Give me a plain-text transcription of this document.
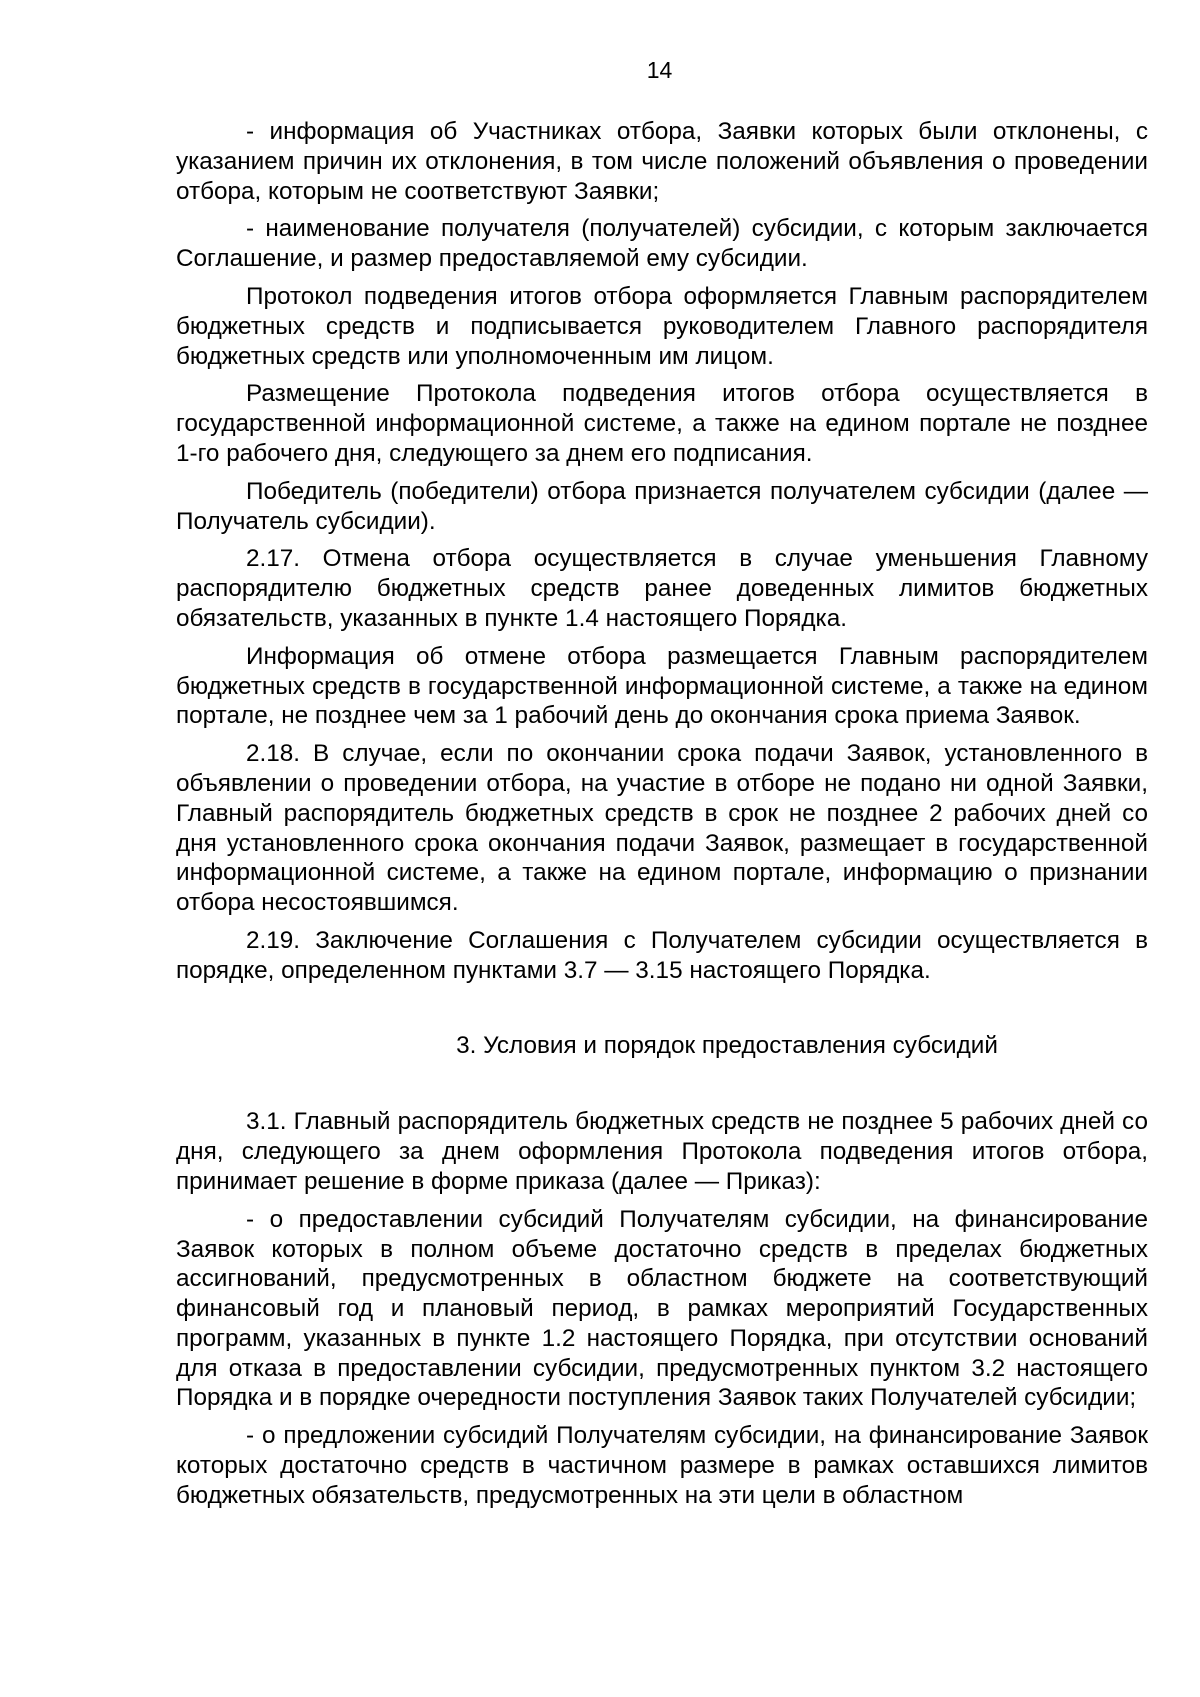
14

- информация об Участниках отбора, Заявки которых были отклонены, с указанием причин их отклонения, в том числе положений объявления о проведении отбора, которым не соответствуют Заявки;

- наименование получателя (получателей) субсидии, с которым заключается Соглашение, и размер предоставляемой ему субсидии.

Протокол подведения итогов отбора оформляется Главным распорядителем бюджетных средств и подписывается руководителем Главного распорядителя бюджетных средств или уполномоченным им лицом.

Размещение Протокола подведения итогов отбора осуществляется в государственной информационной системе, а также на едином портале не позднее 1-го рабочего дня, следующего за днем его подписания.

Победитель (победители) отбора признается получателем субсидии (далее — Получатель субсидии).

2.17. Отмена отбора осуществляется в случае уменьшения Главному распорядителю бюджетных средств ранее доведенных лимитов бюджетных обязательств, указанных в пункте 1.4 настоящего Порядка.

Информация об отмене отбора размещается Главным распорядителем бюджетных средств в государственной информационной системе, а также на едином портале, не позднее чем за 1 рабочий день до окончания срока приема Заявок.

2.18. В случае, если по окончании срока подачи Заявок, установленного в объявлении о проведении отбора, на участие в отборе не подано ни одной Заявки, Главный распорядитель бюджетных средств в срок не позднее 2 рабочих дней со дня установленного срока окончания подачи Заявок, размещает в государственной информационной системе, а также на едином портале, информацию о признании отбора несостоявшимся.

2.19. Заключение Соглашения с Получателем субсидии осуществляется в порядке, определенном пунктами 3.7 — 3.15 настоящего Порядка.

3. Условия и порядок предоставления субсидий

3.1. Главный распорядитель бюджетных средств не позднее 5 рабочих дней со дня, следующего за днем оформления Протокола подведения итогов отбора, принимает решение в форме приказа (далее — Приказ):

- о предоставлении субсидий Получателям субсидии, на финансирование Заявок которых в полном объеме достаточно средств в пределах бюджетных ассигнований, предусмотренных в областном бюджете на соответствующий финансовый год и плановый период, в рамках мероприятий Государственных программ, указанных в пункте 1.2 настоящего Порядка, при отсутствии оснований для отказа в предоставлении субсидии, предусмотренных пунктом 3.2 настоящего Порядка и в порядке очередности поступления Заявок таких Получателей субсидии;

- о предложении субсидий Получателям субсидии, на финансирование Заявок которых достаточно средств в частичном размере в рамках оставшихся лимитов бюджетных обязательств, предусмотренных на эти цели в областном
